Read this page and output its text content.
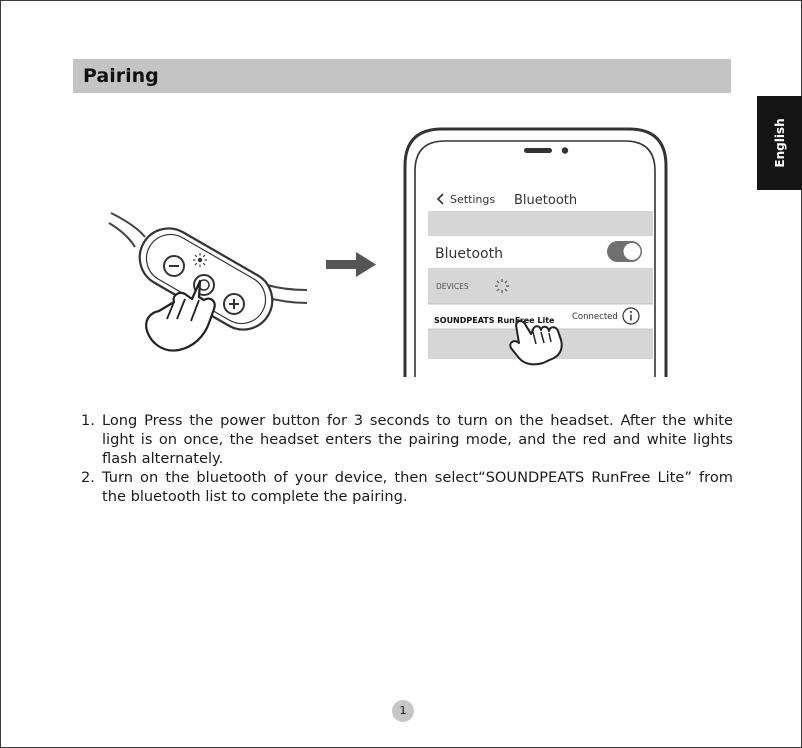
Pairing
English
Settings Bluetooth
Bluetooth
DEVICES
SOUNDPEATS RunFree Lite Connected
1. Long Press the power button for 3 seconds to turn on the headset. After the white light is on once, the headset enters the pairing mode, and the red and white lights flash alternately.
2. Turn on the bluetooth of your device, then select“SOUNDPEATS RunFree Lite” from the bluetooth list to complete the pairing.
1
